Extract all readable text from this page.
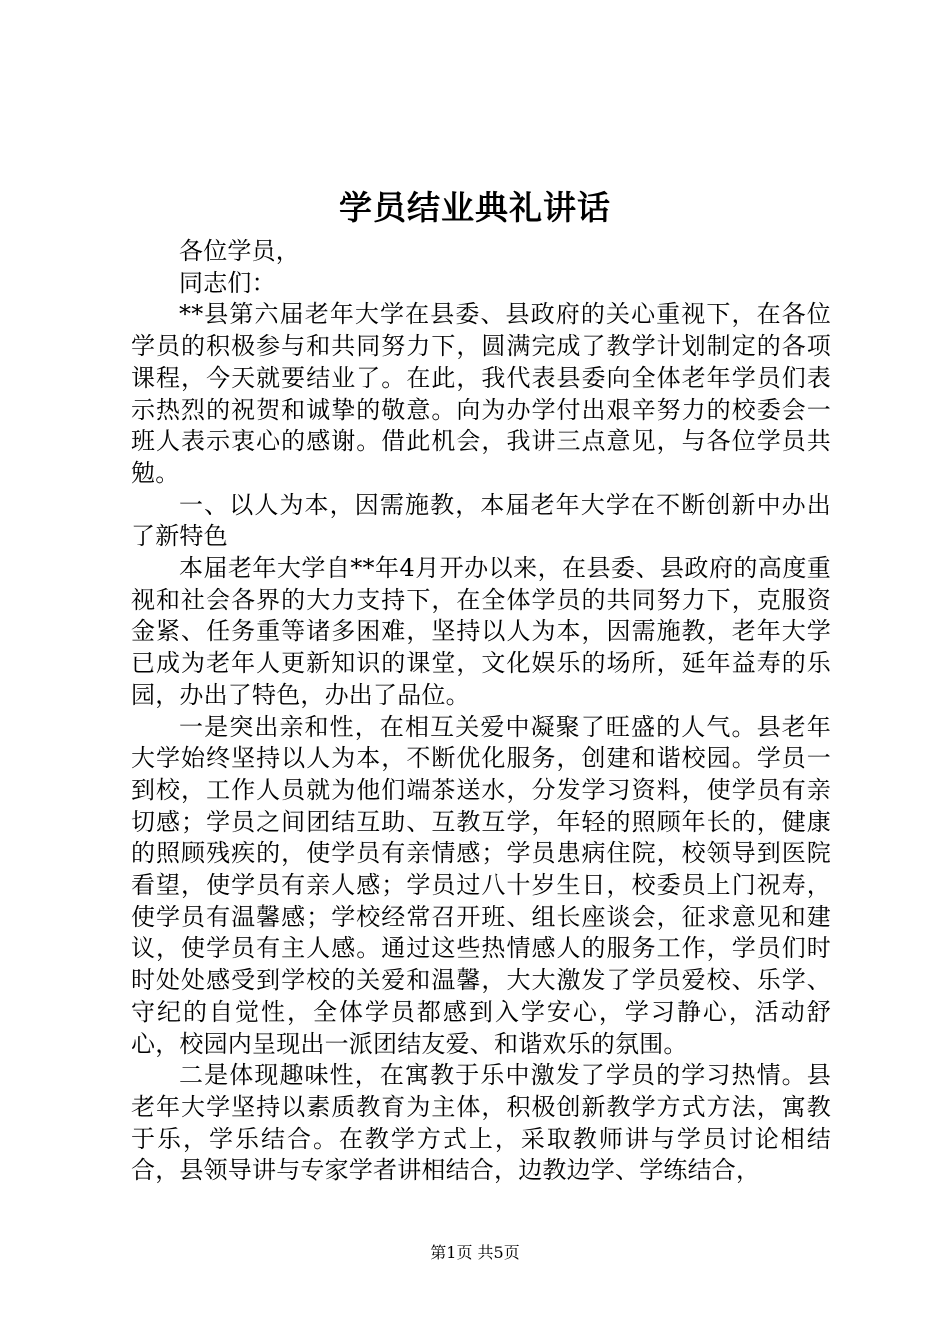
学员结业典礼讲话

各位学员，

同志们：

**县第六届老年大学在县委、县政府的关心重视下，在各位学员的积极参与和共同努力下，圆满完成了教学计划制定的各项课程，今天就要结业了。在此，我代表县委向全体老年学员们表示热烈的祝贺和诚挚的敬意。向为办学付出艰辛努力的校委会一班人表示衷心的感谢。借此机会，我讲三点意见，与各位学员共勉。

一、以人为本，因需施教，本届老年大学在不断创新中办出了新特色

本届老年大学自**年4月开办以来，在县委、县政府的高度重视和社会各界的大力支持下，在全体学员的共同努力下，克服资金紧、任务重等诸多困难，坚持以人为本，因需施教，老年大学已成为老年人更新知识的课堂，文化娱乐的场所，延年益寿的乐园，办出了特色，办出了品位。

一是突出亲和性，在相互关爱中凝聚了旺盛的人气。县老年大学始终坚持以人为本，不断优化服务，创建和谐校园。学员一到校，工作人员就为他们端茶送水，分发学习资料，使学员有亲切感；学员之间团结互助、互教互学，年轻的照顾年长的，健康的照顾残疾的，使学员有亲情感；学员患病住院，校领导到医院看望，使学员有亲人感；学员过八十岁生日，校委员上门祝寿，使学员有温馨感；学校经常召开班、组长座谈会，征求意见和建议，使学员有主人感。通过这些热情感人的服务工作，学员们时时处处感受到学校的关爱和温馨，大大激发了学员爱校、乐学、守纪的自觉性，全体学员都感到入学安心，学习静心，活动舒心，校园内呈现出一派团结友爱、和谐欢乐的氛围。

二是体现趣味性，在寓教于乐中激发了学员的学习热情。县老年大学坚持以素质教育为主体，积极创新教学方式方法，寓教于乐，学乐结合。在教学方式上，采取教师讲与学员讨论相结合，县领导讲与专家学者讲相结合，边教边学、学练结合，

第1页 共5页
